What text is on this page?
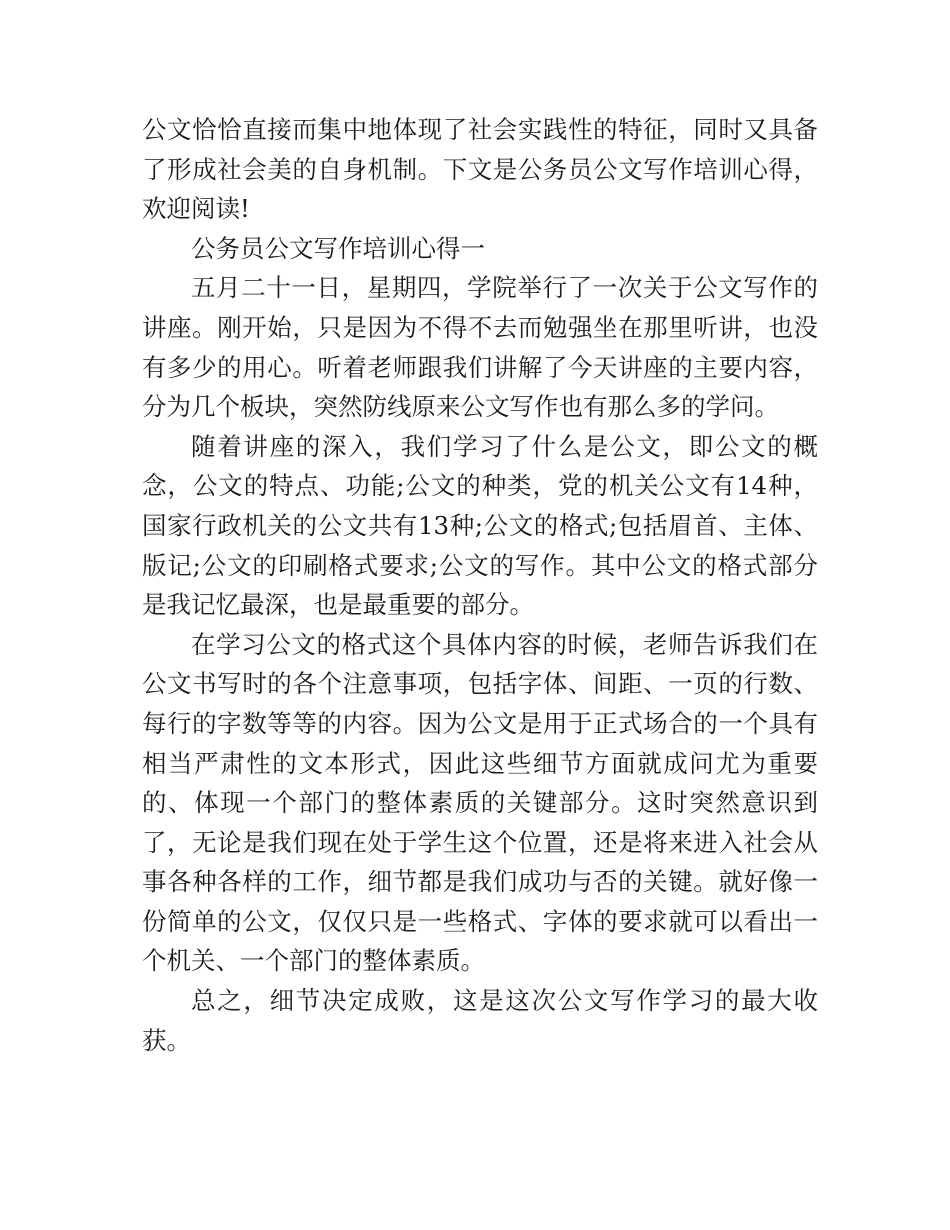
公文恰恰直接而集中地体现了社会实践性的特征，同时又具备了形成社会美的自身机制。下文是公务员公文写作培训心得，欢迎阅读!

公务员公文写作培训心得一

五月二十一日，星期四，学院举行了一次关于公文写作的讲座。刚开始，只是因为不得不去而勉强坐在那里听讲，也没有多少的用心。听着老师跟我们讲解了今天讲座的主要内容，分为几个板块，突然防线原来公文写作也有那么多的学问。

随着讲座的深入，我们学习了什么是公文，即公文的概念，公文的特点、功能;公文的种类，党的机关公文有14种，国家行政机关的公文共有13种;公文的格式;包括眉首、主体、版记;公文的印刷格式要求;公文的写作。其中公文的格式部分是我记忆最深，也是最重要的部分。

在学习公文的格式这个具体内容的时候，老师告诉我们在公文书写时的各个注意事项，包括字体、间距、一页的行数、每行的字数等等的内容。因为公文是用于正式场合的一个具有相当严肃性的文本形式，因此这些细节方面就成问尤为重要的、体现一个部门的整体素质的关键部分。这时突然意识到了，无论是我们现在处于学生这个位置，还是将来进入社会从事各种各样的工作，细节都是我们成功与否的关键。就好像一份简单的公文，仅仅只是一些格式、字体的要求就可以看出一个机关、一个部门的整体素质。

总之，细节决定成败，这是这次公文写作学习的最大收获。
